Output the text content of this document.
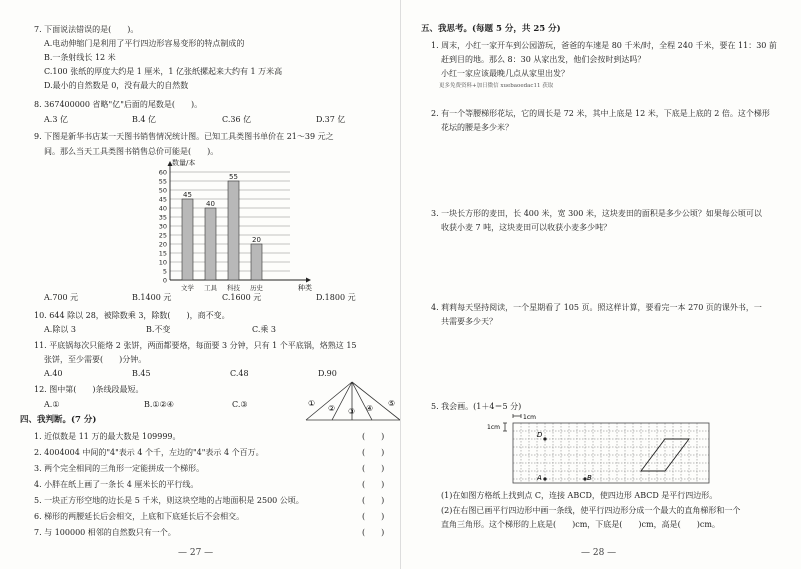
7. 下面说法错误的是(　　)。
A.电动伸缩门是利用了平行四边形容易变形的特点制成的
B.一条射线长 12 米
C.100 张纸的厚度大约是 1 厘米，1 亿张纸摞起来大约有 1 万米高
D.最小的自然数是 0，没有最大的自然数
8. 367400000 省略"亿"后面的尾数是(　　)。
A.3 亿	B.4 亿	C.36 亿	D.37 亿
9. 下图是新华书店某一天图书销售情况统计图。已知工具类图书单价在 21～39 元之
间。那么当天工具类图书销售总价可能是(　　)。
0
5
10
15
20
25
30
35
40
45
50
55
60
数量/本
种类
45
文学
40
工具
55
科技
20
历史
A.700 元	B.1400 元	C.1600 元	D.1800 元
10. 644 除以 28，被除数乘 3，除数(　　)，商不变。
A.除以 3	B.不变	C.乘 3
11. 平底锅每次只能烙 2 张饼，两面都要烙，每面要 3 分钟，只有 1 个平底锅，烙熟这 15
张饼，至少需要(　　)分钟。
A.40	B.45	C.48	D.90
12. 图中第(　　)条线段最短。
A.①	B.①②④	C.③	①
② ③ ④
⑤
四、我判断。(7 分)
1. 近似数是 11 万的最大数是 109999。	(　　)
2. 4004004 中间的"4"表示 4 个千，左边的"4"表示 4 个百万。	(　　)
3. 两个完全相同的三角形一定能拼成一个梯形。	(　　)
4. 小胖在纸上画了一条长 4 厘米长的平行线。	(　　)
5. 一块正方形空地的边长是 5 千米，则这块空地的占地面积是 2500 公顷。	(　　)
6. 梯形的两腰延长后会相交，上底和下底延长后不会相交。	(　　)
7. 与 100000 相邻的自然数只有一个。	(　　)
— 27 —
五、我思考。(每题 5 分，共 25 分)
1. 周末，小红一家开车到公园游玩，爸爸的车速是 80 千米/时，全程 240 千米，要在 11：30 前
赶到目的地。那么 8：30 从家出发，他们会按时到达吗？
小红一家应该最晚几点从家里出发？
更多免费资料+加日微信 xuebaoedac11 获取
2. 有一个等腰梯形花坛，它的周长是 72 米，其中上底是 12 米，下底是上底的 2 倍。这个梯形
花坛的腰是多少米？
3. 一块长方形的麦田，长 400 米，宽 300 米，这块麦田的面积是多少公顷？如果每公顷可以
收获小麦 7 吨，这块麦田可以收获小麦多少吨？
4. 莉莉每天坚持阅读，一个星期看了 105 页。照这样计算，要看完一本 270 页的课外书，一
共需要多少天？
5. 我会画。(1＋4＝5 分)
1cm
1cm
D
A	B
(1)在如图方格纸上找到点 C，连接 ABCD，使四边形 ABCD 是平行四边形。
(2)在右图已画平行四边形中画一条线，使平行四边形分成一个最大的直角梯形和一个
直角三角形。这个梯形的上底是(　　)cm，下底是(　　)cm，高是(　　)cm。
— 28 —
